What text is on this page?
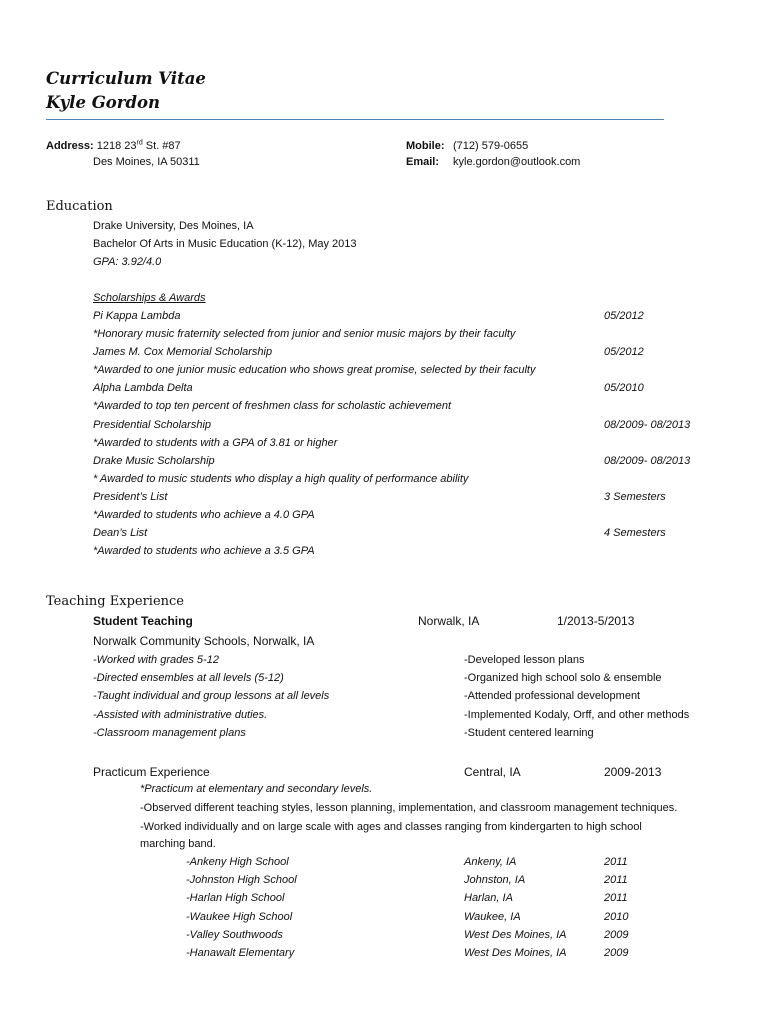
Curriculum Vitae
Kyle Gordon
Address: 1218 23rd St. #87
Des Moines, IA 50311
Mobile: (712) 579-0655
Email: kyle.gordon@outlook.com
Education
Drake University, Des Moines, IA
Bachelor Of Arts in Music Education (K-12), May 2013
GPA: 3.92/4.0
Scholarships & Awards
Pi Kappa Lambda	05/2012
*Honorary music fraternity selected from junior and senior music majors by their faculty
James M. Cox Memorial Scholarship	05/2012
*Awarded to one junior music education who shows great promise, selected by their faculty
Alpha Lambda Delta	05/2010
*Awarded to top ten percent of freshmen class for scholastic achievement
Presidential Scholarship	08/2009- 08/2013
*Awarded to students with a GPA of 3.81 or higher
Drake Music Scholarship	08/2009- 08/2013
* Awarded to music students who display a high quality of performance ability
President’s List	3 Semesters
*Awarded to students who achieve a 4.0 GPA
Dean’s List	4 Semesters
*Awarded to students who achieve a 3.5 GPA
Teaching Experience
Student Teaching	Norwalk, IA	1/2013-5/2013
Norwalk Community Schools, Norwalk, IA
-Worked with grades 5-12
-Directed ensembles at all levels (5-12)
-Taught individual and group lessons at all levels
-Assisted with administrative duties.
-Classroom management plans
-Developed lesson plans
-Organized high school solo & ensemble
-Attended professional development
-Implemented Kodaly, Orff, and other methods
-Student centered learning
Practicum Experience	Central, IA	2009-2013
*Practicum at elementary and secondary levels.
-Observed different teaching styles, lesson planning, implementation, and classroom management techniques.
-Worked individually and on large scale with ages and classes ranging from kindergarten to high school
marching band.
-Ankeny High School	Ankeny, IA	2011
-Johnston High School	Johnston, IA	2011
-Harlan High School	Harlan, IA	2011
-Waukee High School	Waukee, IA	2010
-Valley Southwoods	West Des Moines, IA	2009
-Hanawalt Elementary	West Des Moines, IA	2009
